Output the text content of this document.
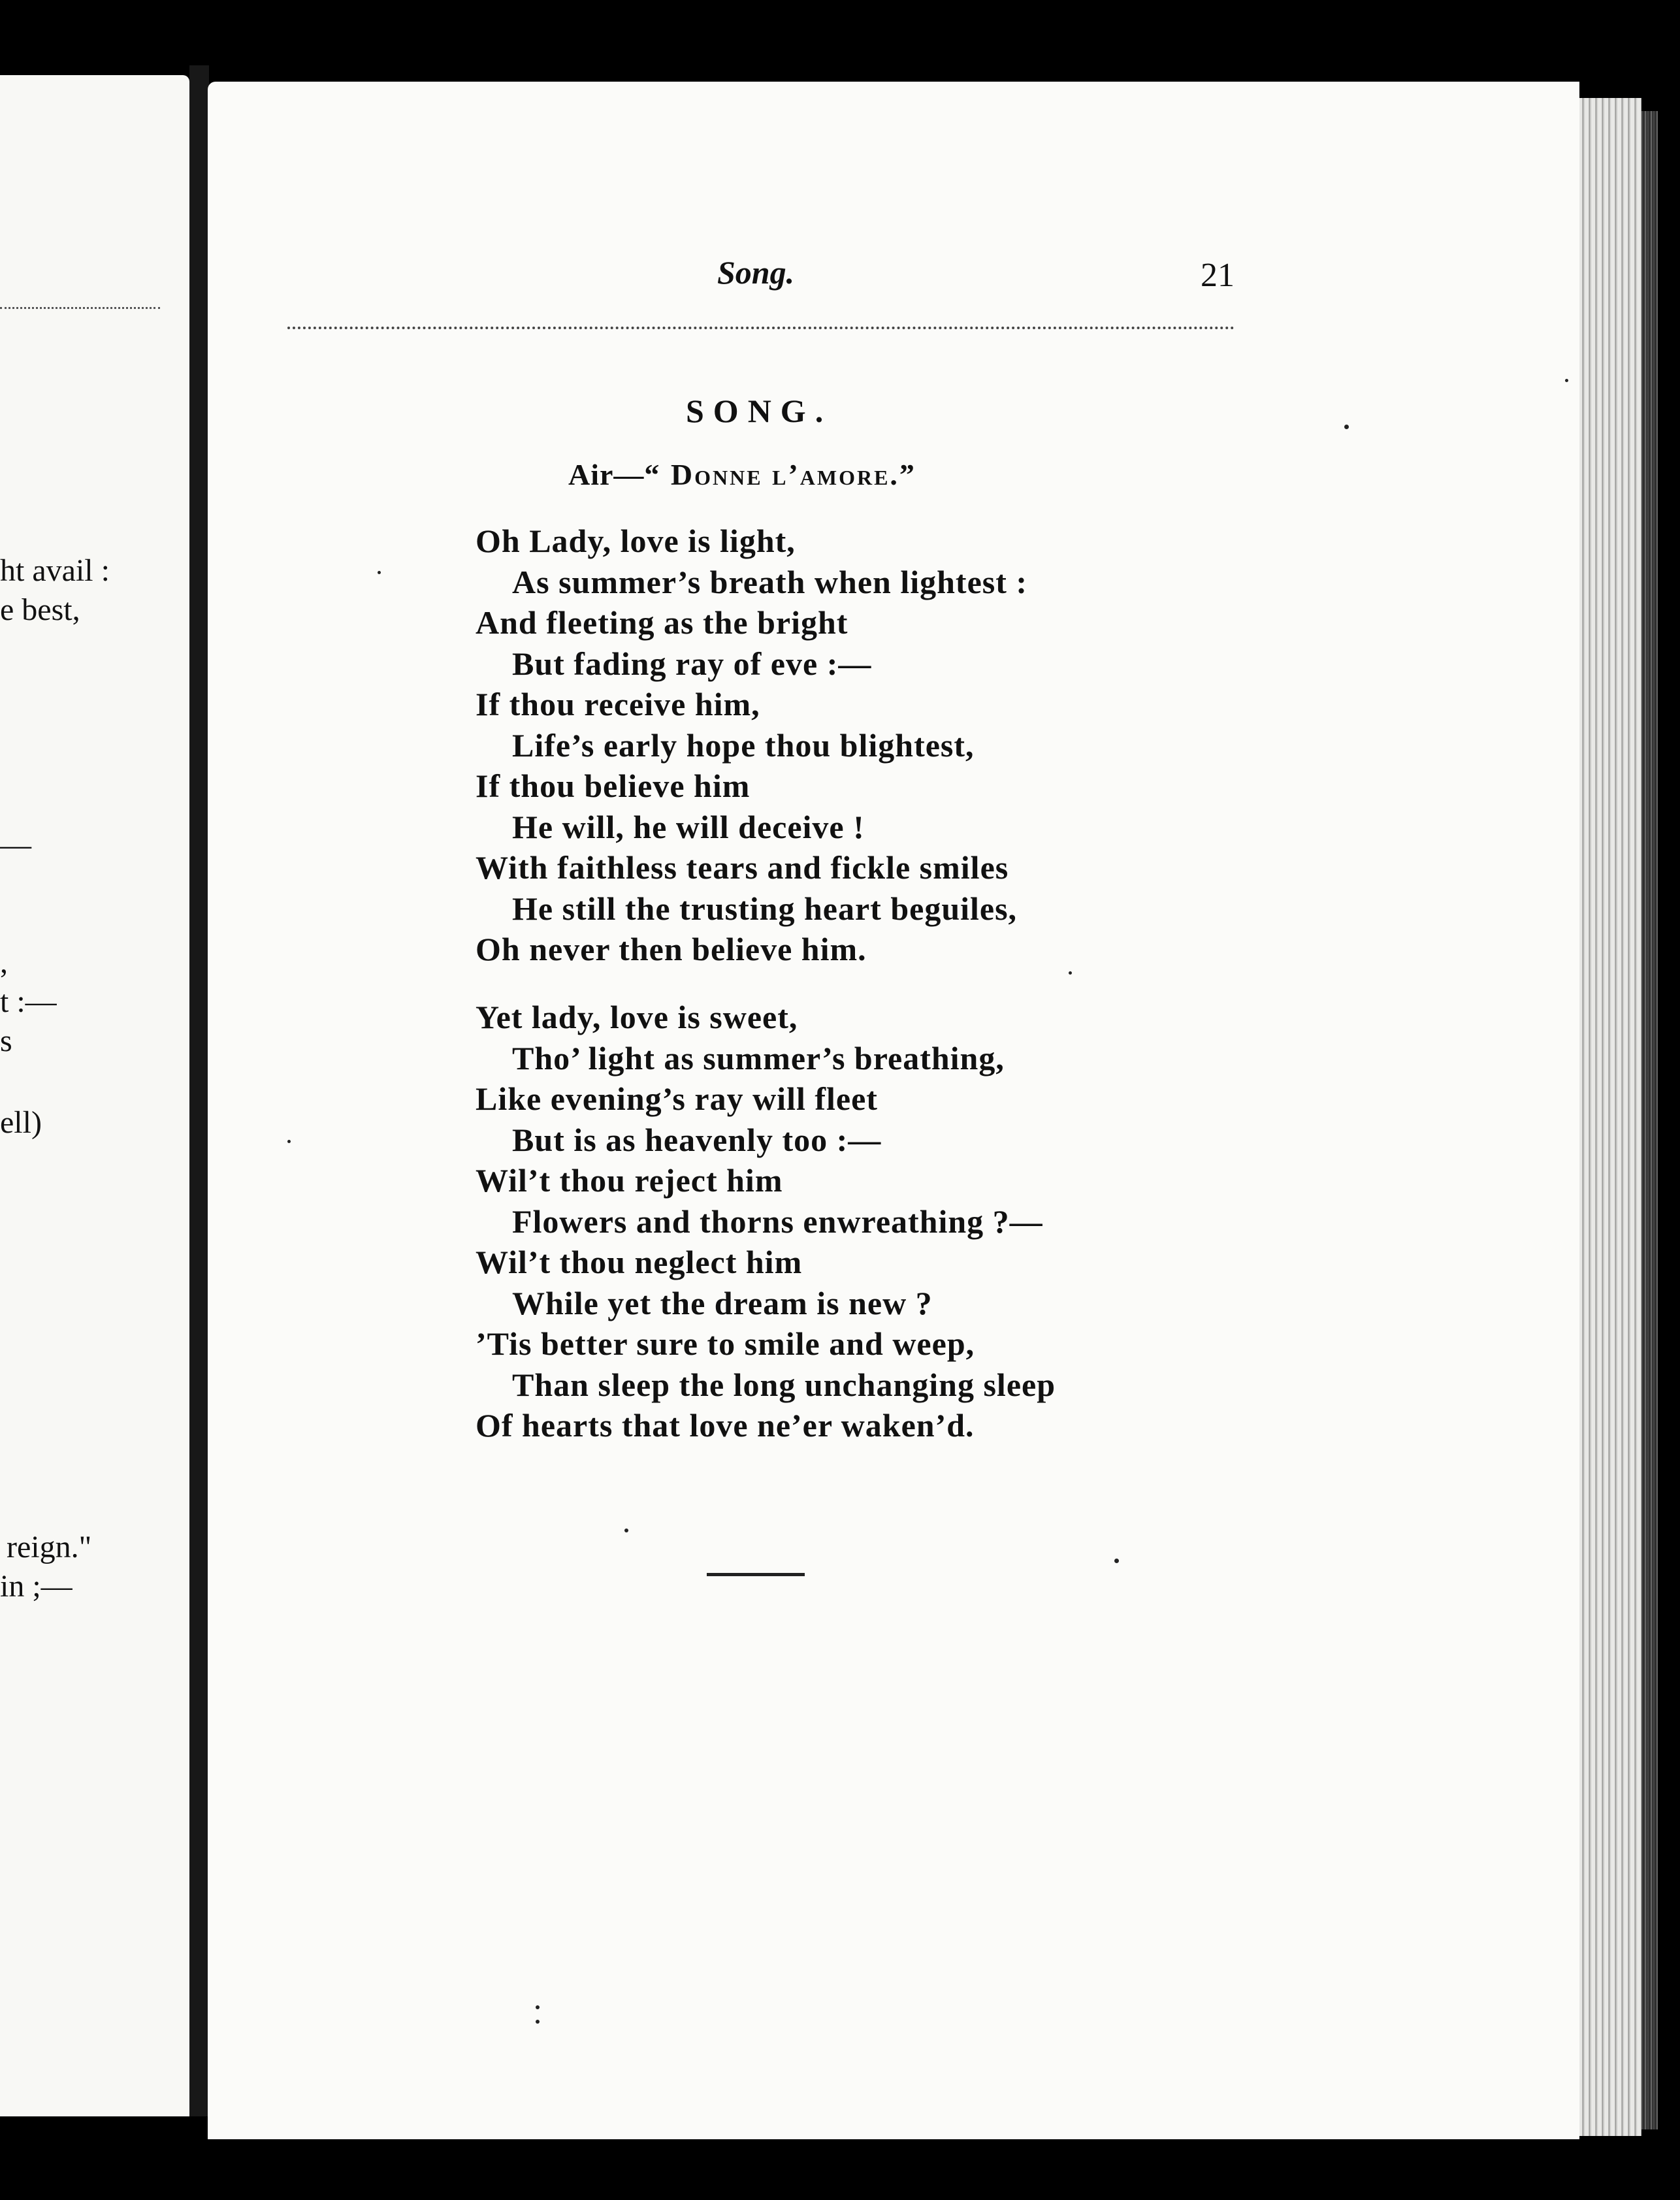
ht avail :
e best,
—
,
t :—
s
ell)
reign."
in ;—
Song.	21
SONG.
Air—“ Donne l’amore.”
Oh Lady, love is light,
As summer’s breath when lightest :
And fleeting as the bright
But fading ray of eve :—
If thou receive him,
Life’s early hope thou blightest,
If thou believe him
He will, he will deceive !
With faithless tears and fickle smiles
He still the trusting heart beguiles,
Oh never then believe him.
Yet lady, love is sweet,
Tho’ light as summer’s breathing,
Like evening’s ray will fleet
But is as heavenly too :—
Wil’t thou reject him
Flowers and thorns enwreathing ?—
Wil’t thou neglect him
While yet the dream is new ?
’Tis better sure to smile and weep,
Than sleep the long unchanging sleep
Of hearts that love ne’er waken’d.
